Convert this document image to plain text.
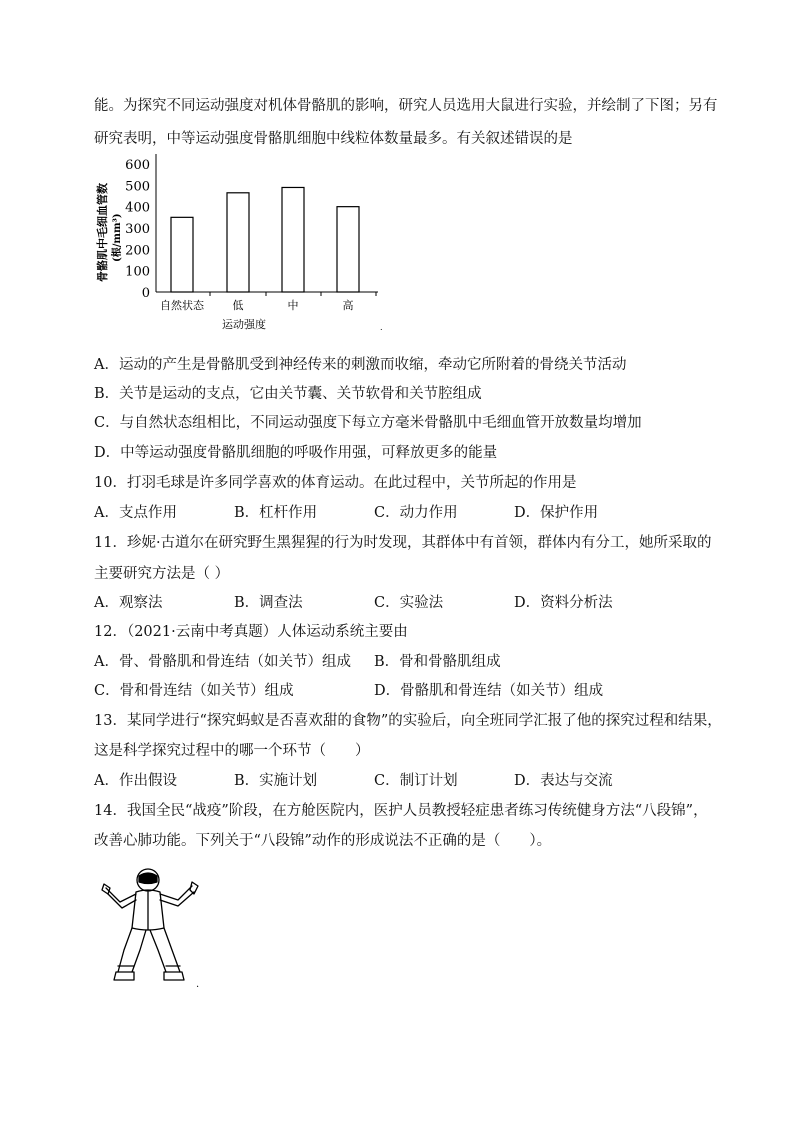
能。为探究不同运动强度对机体骨骼肌的影响，研究人员选用大鼠进行实验，并绘制了下图；另有
研究表明，中等运动强度骨骼肌细胞中线粒体数量最多。有关叙述错误的是
骨骼肌中毛细血管数 (根/mm³)
600
500
400
300
200
100
0
自然状态	低	中	高
运动强度	.
A．运动的产生是骨骼肌受到神经传来的刺激而收缩，牵动它所附着的骨绕关节活动
B．关节是运动的支点，它由关节囊、关节软骨和关节腔组成
C．与自然状态组相比，不同运动强度下每立方毫米骨骼肌中毛细血管开放数量均增加
D．中等运动强度骨骼肌细胞的呼吸作用强，可释放更多的能量
10．打羽毛球是许多同学喜欢的体育运动。在此过程中，关节所起的作用是
A．支点作用	B．杠杆作用	C．动力作用	D．保护作用
11．珍妮·古道尔在研究野生黑猩猩的行为时发现，其群体中有首领，群体内有分工，她所采取的
主要研究方法是（ ）
A．观察法	B．调查法	C．实验法	D．资料分析法
12．（2021·云南中考真题）人体运动系统主要由
A．骨、骨骼肌和骨连结（如关节）组成 B．骨和骨骼肌组成
C．骨和骨连结（如关节）组成	D．骨骼肌和骨连结（如关节）组成
13．某同学进行“探究蚂蚁是否喜欢甜的食物”的实验后，向全班同学汇报了他的探究过程和结果，
这是科学探究过程中的哪一个环节（　　）
A．作出假设	B．实施计划	C．制订计划	D．表达与交流
14．我国全民“战疫”阶段，在方舱医院内，医护人员教授轻症患者练习传统健身方法“八段锦”，
改善心肺功能。下列关于“八段锦”动作的形成说法不正确的是（　　）。
·
